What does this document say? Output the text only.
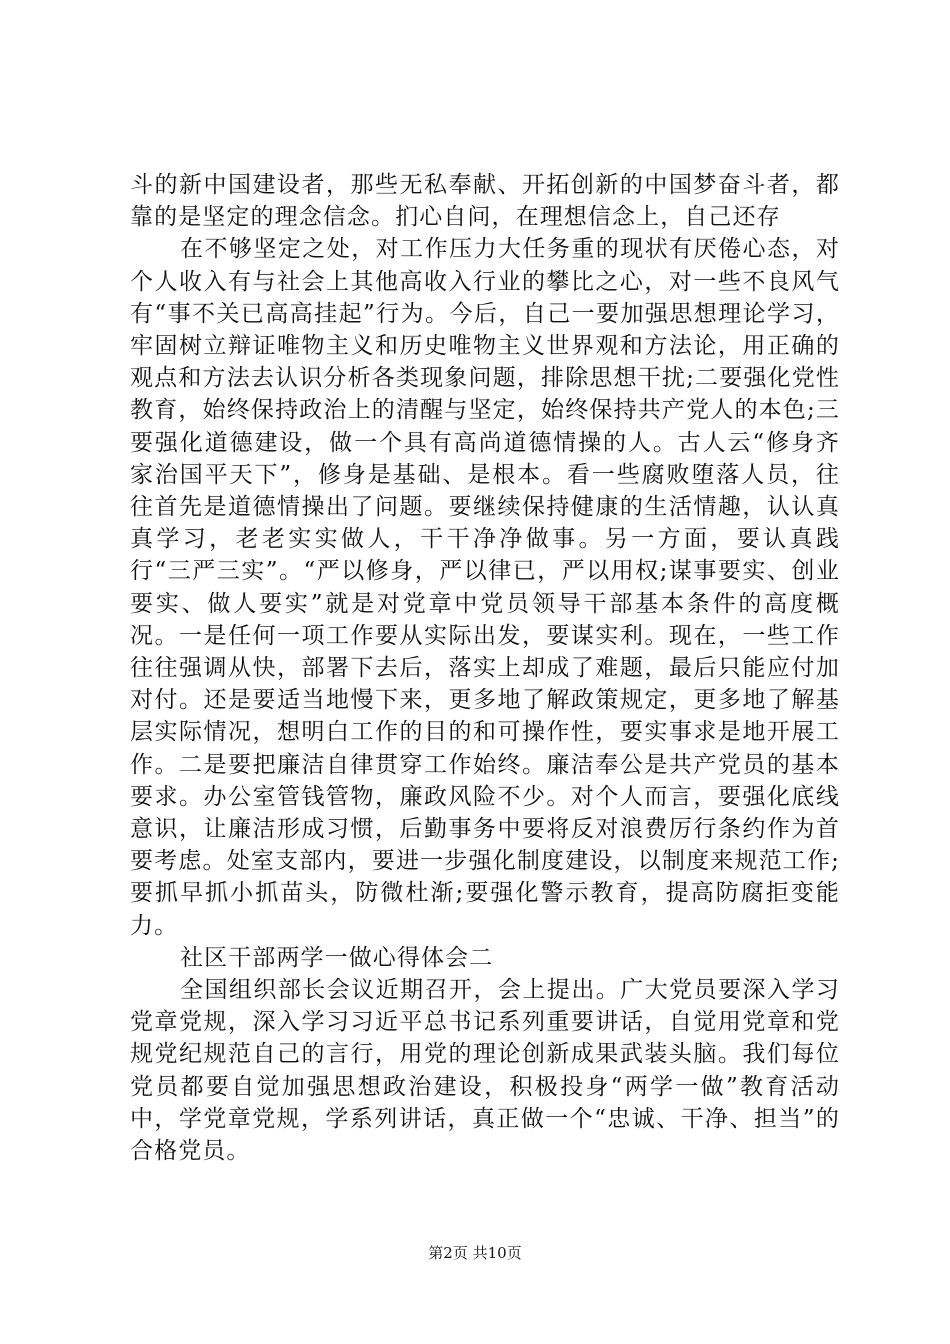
斗的新中国建设者，那些无私奉献、开拓创新的中国梦奋斗者，都靠的是坚定的理念信念。扪心自问，在理想信念上，自己还存

在不够坚定之处，对工作压力大任务重的现状有厌倦心态，对个人收入有与社会上其他高收入行业的攀比之心，对一些不良风气有“事不关已高高挂起”行为。今后，自己一要加强思想理论学习，牢固树立辩证唯物主义和历史唯物主义世界观和方法论，用正确的观点和方法去认识分析各类现象问题，排除思想干扰;二要强化党性教育，始终保持政治上的清醒与坚定，始终保持共产党人的本色;三要强化道德建设，做一个具有高尚道德情操的人。古人云“修身齐家治国平天下”，修身是基础、是根本。看一些腐败堕落人员，往往首先是道德情操出了问题。要继续保持健康的生活情趣，认认真真学习，老老实实做人，干干净净做事。另一方面，要认真践行“三严三实”。“严以修身，严以律已，严以用权;谋事要实、创业要实、做人要实”就是对党章中党员领导干部基本条件的高度概况。一是任何一项工作要从实际出发，要谋实利。现在，一些工作往往强调从快，部署下去后，落实上却成了难题，最后只能应付加对付。还是要适当地慢下来，更多地了解政策规定，更多地了解基层实际情况，想明白工作的目的和可操作性，要实事求是地开展工作。二是要把廉洁自律贯穿工作始终。廉洁奉公是共产党员的基本要求。办公室管钱管物，廉政风险不少。对个人而言，要强化底线意识，让廉洁形成习惯，后勤事务中要将反对浪费厉行条约作为首要考虑。处室支部内，要进一步强化制度建设，以制度来规范工作;要抓早抓小抓苗头，防微杜渐;要强化警示教育，提高防腐拒变能力。

社区干部两学一做心得体会二

全国组织部长会议近期召开，会上提出。广大党员要深入学习党章党规，深入学习习近平总书记系列重要讲话，自觉用党章和党规党纪规范自己的言行，用党的理论创新成果武装头脑。我们每位党员都要自觉加强思想政治建设，积极投身“两学一做”教育活动中，学党章党规，学系列讲话，真正做一个“忠诚、干净、担当”的合格党员。

第2页 共10页
